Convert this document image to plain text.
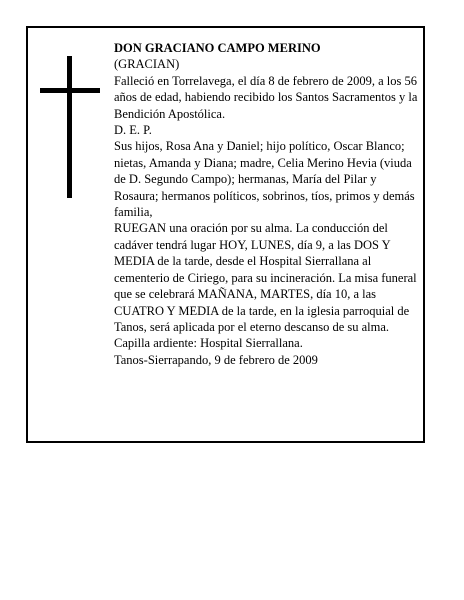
DON GRACIANO CAMPO MERINO

(GRACIAN)

Falleció en Torrelavega, el día 8 de febrero de 2009, a los 56 años de edad, habiendo recibido los Santos Sacramentos y la Bendición Apostólica.

D. E. P.

Sus hijos, Rosa Ana y Daniel; hijo político, Oscar Blanco; nietas, Amanda y Diana; madre, Celia Merino Hevia (viuda de D. Segundo Campo); hermanas, María del Pilar y Rosaura; hermanos políticos, sobrinos, tíos, primos y demás familia,

RUEGAN una oración por su alma. La conducción del cadáver tendrá lugar HOY, LUNES, día 9, a las DOS Y MEDIA de la tarde, desde el Hospital Sierrallana al cementerio de Ciriego, para su incineración. La misa funeral que se celebrará MAÑANA, MARTES, día 10, a las CUATRO Y MEDIA de la tarde, en la iglesia parroquial de Tanos, será aplicada por el eterno descanso de su alma. Capilla ardiente: Hospital Sierrallana.

Tanos-Sierrapando, 9 de febrero de 2009
